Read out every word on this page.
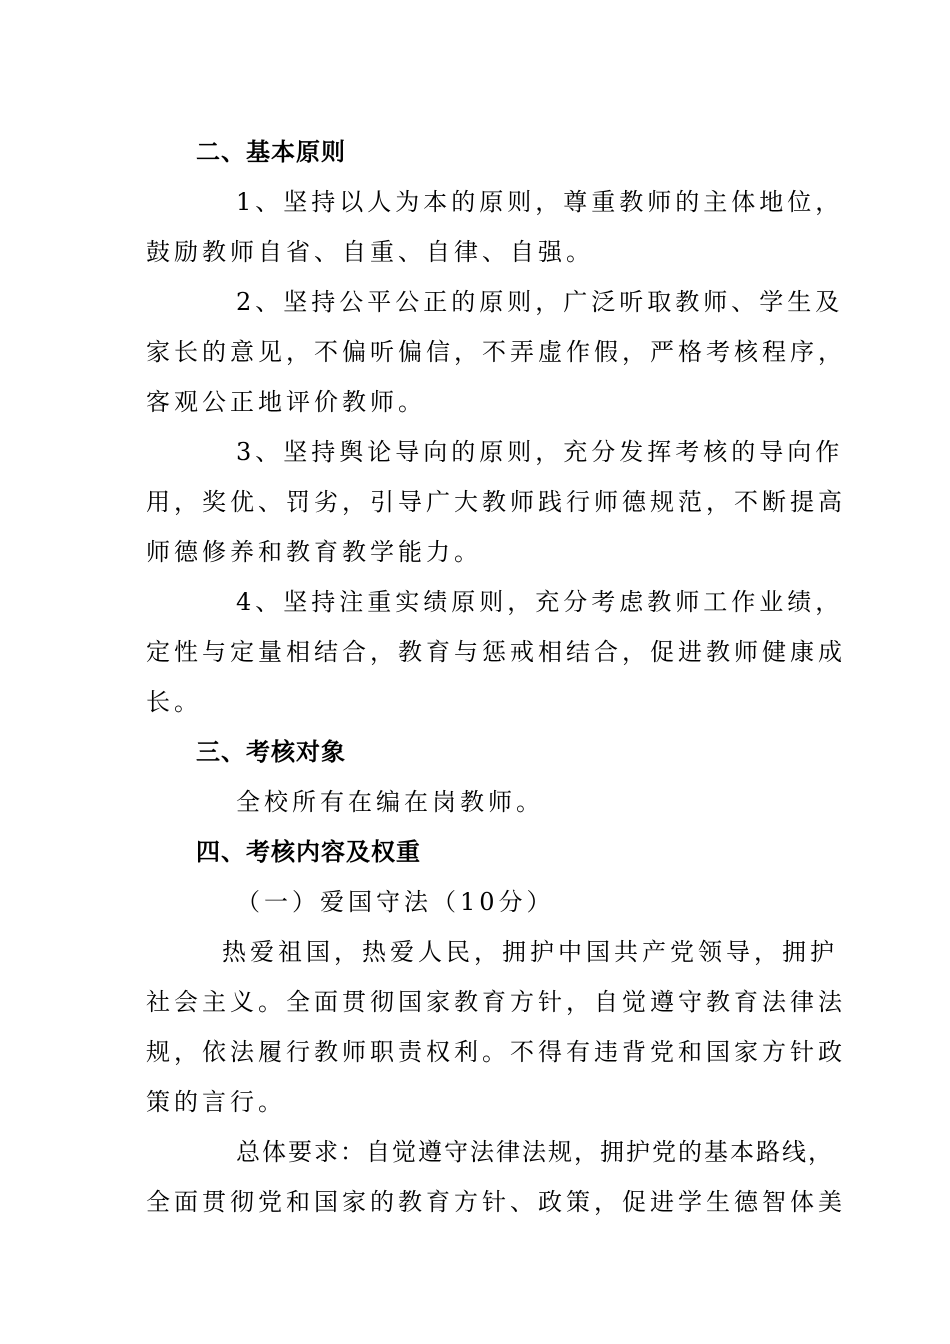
二、基本原则
1、坚持以人为本的原则，尊重教师的主体地位，
鼓励教师自省、自重、自律、自强。
2、坚持公平公正的原则，广泛听取教师、学生及
家长的意见，不偏听偏信，不弄虚作假，严格考核程序，
客观公正地评价教师。
3、坚持舆论导向的原则，充分发挥考核的导向作
用，奖优、罚劣，引导广大教师践行师德规范，不断提高
师德修养和教育教学能力。
4、坚持注重实绩原则，充分考虑教师工作业绩，
定性与定量相结合，教育与惩戒相结合，促进教师健康成
长。
三、考核对象
全校所有在编在岗教师。
四、考核内容及权重
（一）爱国守法（10分）
热爱祖国，热爱人民，拥护中国共产党领导，拥护
社会主义。全面贯彻国家教育方针，自觉遵守教育法律法
规，依法履行教师职责权利。不得有违背党和国家方针政
策的言行。
总体要求：自觉遵守法律法规，拥护党的基本路线，
全面贯彻党和国家的教育方针、政策，促进学生德智体美
